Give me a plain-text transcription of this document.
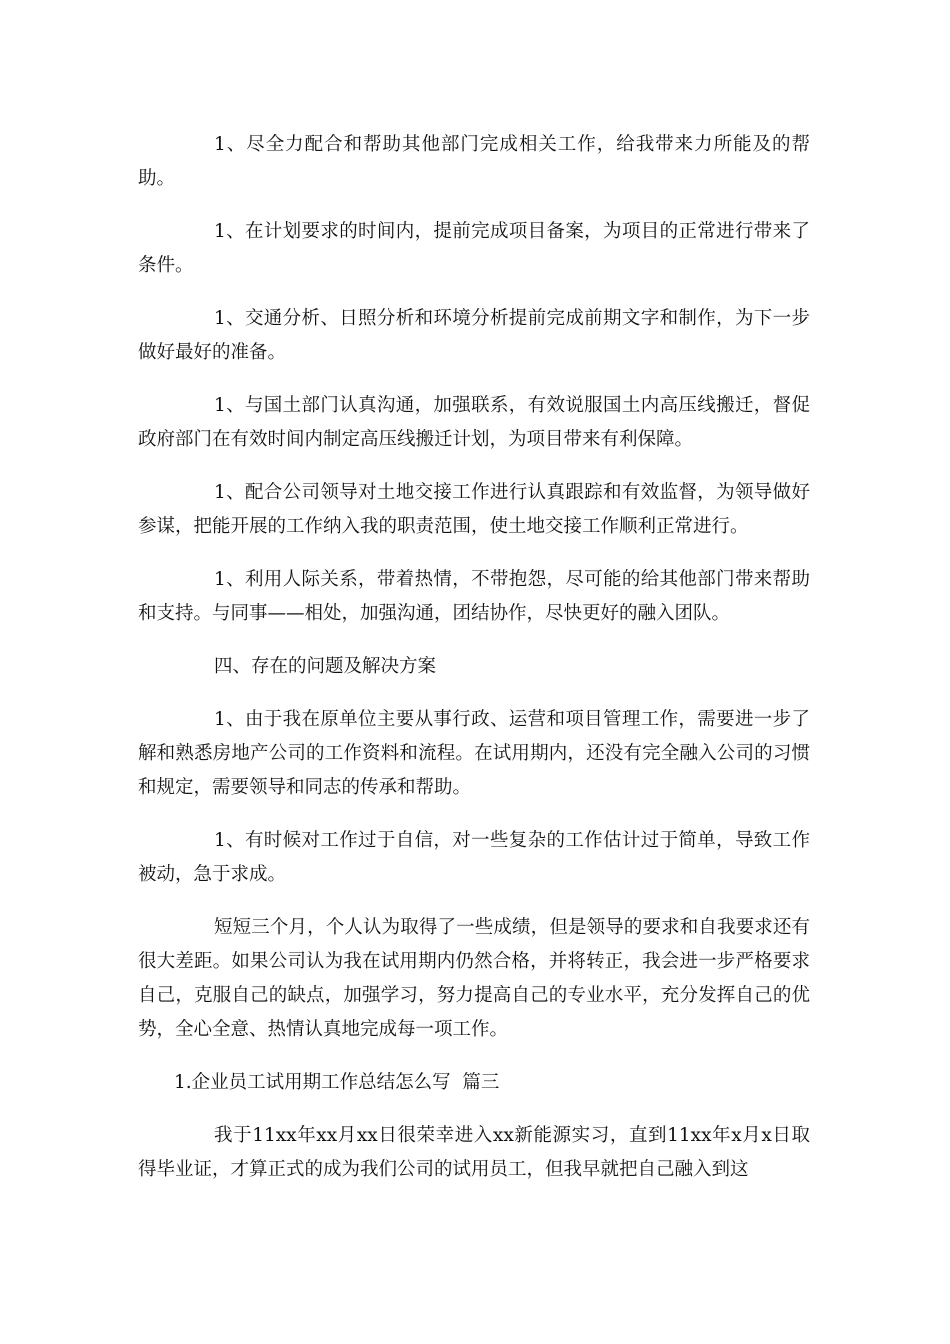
1、尽全力配合和帮助其他部门完成相关工作，给我带来力所能及的帮助。

1、在计划要求的时间内，提前完成项目备案，为项目的正常进行带来了条件。

1、交通分析、日照分析和环境分析提前完成前期文字和制作，为下一步做好最好的准备。

1、与国土部门认真沟通，加强联系，有效说服国土内高压线搬迁，督促政府部门在有效时间内制定高压线搬迁计划，为项目带来有利保障。

1、配合公司领导对土地交接工作进行认真跟踪和有效监督，为领导做好参谋，把能开展的工作纳入我的职责范围，使土地交接工作顺利正常进行。

1、利用人际关系，带着热情，不带抱怨，尽可能的给其他部门带来帮助和支持。与同事——相处，加强沟通，团结协作，尽快更好的融入团队。

四、存在的问题及解决方案

1、由于我在原单位主要从事行政、运营和项目管理工作，需要进一步了解和熟悉房地产公司的工作资料和流程。在试用期内，还没有完全融入公司的习惯和规定，需要领导和同志的传承和帮助。

1、有时候对工作过于自信，对一些复杂的工作估计过于简单，导致工作被动，急于求成。

短短三个月，个人认为取得了一些成绩，但是领导的要求和自我要求还有很大差距。如果公司认为我在试用期内仍然合格，并将转正，我会进一步严格要求自己，克服自己的缺点，加强学习，努力提高自己的专业水平，充分发挥自己的优势，全心全意、热情认真地完成每一项工作。

1.企业员工试用期工作总结怎么写  篇三

我于11xx年xx月xx日很荣幸进入xx新能源实习，直到11xx年x月x日取得毕业证，才算正式的成为我们公司的试用员工，但我早就把自己融入到这
